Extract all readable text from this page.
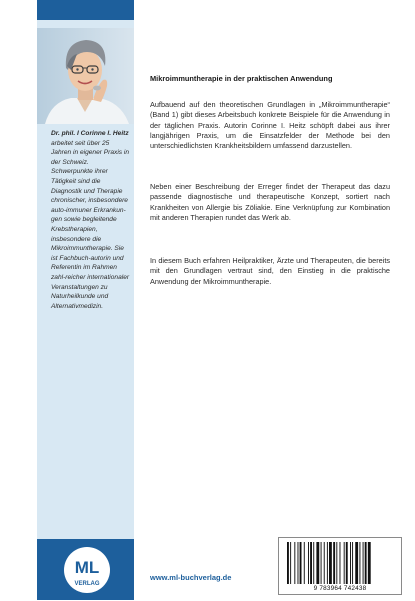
Dr. phil. I Corinne I. Heitz arbeitet seit über 25 Jahren in eigener Praxis in der Schweiz. Schwerpunkte ihrer Tätigkeit sind die Diagnostik und Therapie chronischer, insbesondere auto-immuner Erkrankun-gen sowie begleitende Krebstherapien, insbesondere die Mikroimmuntherapie. Sie ist Fachbuch-autorin und Referentin im Rahmen zahl-reicher internationaler Veranstaltungen zu Naturheilkunde und Alternativmedizin.

ML
VERLAG

Mikroimmuntherapie in der praktischen Anwendung

Aufbauend auf den theoretischen Grundlagen in „Mikroimmuntherapie“ (Band 1) gibt dieses Arbeitsbuch konkrete Beispiele für die Anwendung in der täglichen Praxis. Autorin Corinne I. Heitz schöpft dabei aus ihrer langjährigen Praxis, um die Einsatzfelder der Methode bei den unterschiedlichsten Krankheitsbildern umfassend darzustellen.

Neben einer Beschreibung der Erreger findet der Therapeut das dazu passende diagnostische und therapeutische Konzept, sortiert nach Krankheiten von Allergie bis Zöliakie. Eine Verknüpfung zur Kombination mit anderen Therapien rundet das Werk ab.

In diesem Buch erfahren Heilpraktiker, Ärzte und Therapeuten, die bereits mit den Grundlagen vertraut sind, den Einstieg in die praktische Anwendung der Mikroimmuntherapie.

www.ml-buchverlag.de

9 783964 742438
